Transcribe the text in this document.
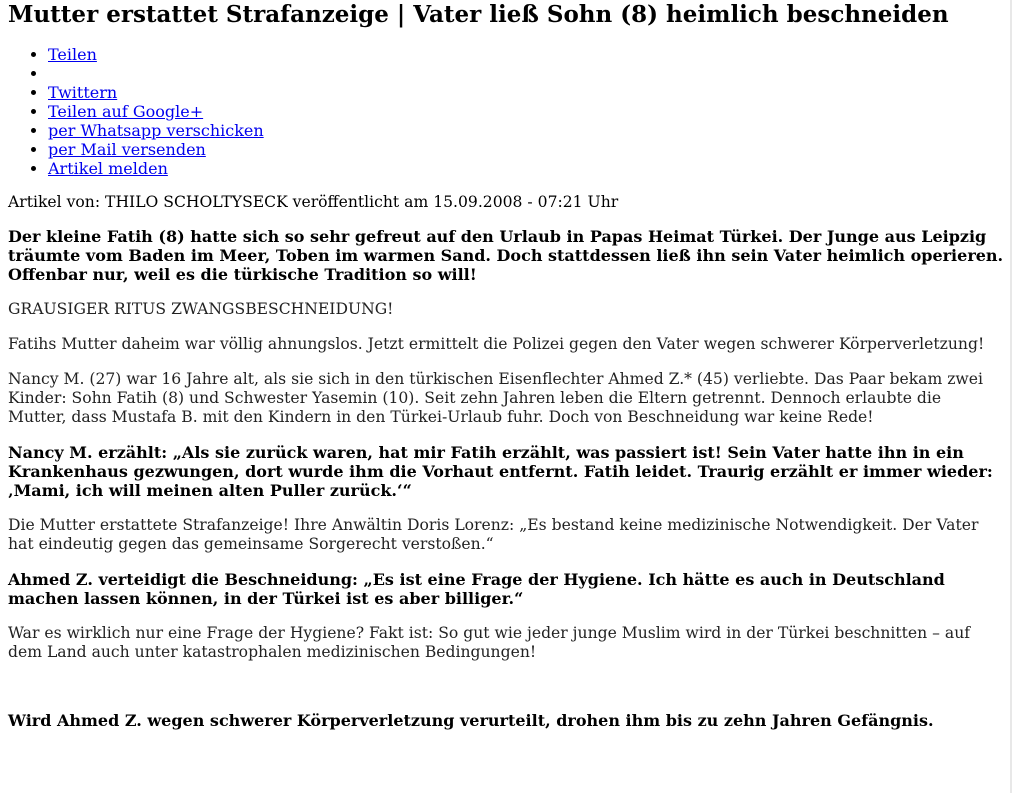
Mutter erstattet Strafanzeige | Vater ließ Sohn (8) heimlich beschneiden
• Teilen
•
• Twittern
• Teilen auf Google+
• per Whatsapp verschicken
• per Mail versenden
• Artikel melden

Artikel von: THILO SCHOLTYSECK veröffentlicht am 15.09.2008 - 07:21 Uhr

Der kleine Fatih (8) hatte sich so sehr gefreut auf den Urlaub in Papas Heimat Türkei. Der Junge aus Leipzig träumte vom Baden im Meer, Toben im warmen Sand. Doch stattdessen ließ ihn sein Vater heimlich operieren. Offenbar nur, weil es die türkische Tradition so will!

GRAUSIGER RITUS ZWANGSBESCHNEIDUNG!

Fatihs Mutter daheim war völlig ahnungslos. Jetzt ermittelt die Polizei gegen den Vater wegen schwerer Körperverletzung!

Nancy M. (27) war 16 Jahre alt, als sie sich in den türkischen Eisenflechter Ahmed Z.* (45) verliebte. Das Paar bekam zwei Kinder: Sohn Fatih (8) und Schwester Yasemin (10). Seit zehn Jahren leben die Eltern getrennt. Dennoch erlaubte die Mutter, dass Mustafa B. mit den Kindern in den Türkei-Urlaub fuhr. Doch von Beschneidung war keine Rede!

Nancy M. erzählt: „Als sie zurück waren, hat mir Fatih erzählt, was passiert ist! Sein Vater hatte ihn in ein Krankenhaus gezwungen, dort wurde ihm die Vorhaut entfernt. Fatih leidet. Traurig erzählt er immer wieder: ‚Mami, ich will meinen alten Puller zurück.‘“

Die Mutter erstattete Strafanzeige! Ihre Anwältin Doris Lorenz: „Es bestand keine medizinische Notwendigkeit. Der Vater hat eindeutig gegen das gemeinsame Sorgerecht verstoßen.“

Ahmed Z. verteidigt die Beschneidung: „Es ist eine Frage der Hygiene. Ich hätte es auch in Deutschland machen lassen können, in der Türkei ist es aber billiger.“

War es wirklich nur eine Frage der Hygiene? Fakt ist: So gut wie jeder junge Muslim wird in der Türkei beschnitten – auf dem Land auch unter katastrophalen medizinischen Bedingungen!

Wird Ahmed Z. wegen schwerer Körperverletzung verurteilt, drohen ihm bis zu zehn Jahren Gefängnis.
